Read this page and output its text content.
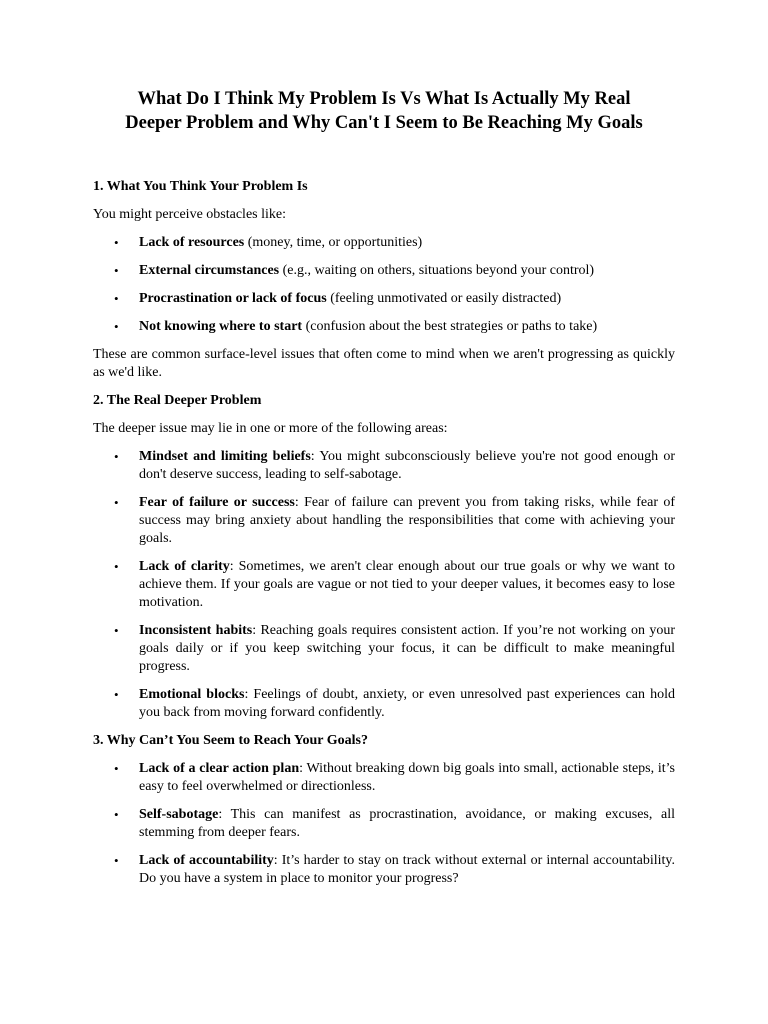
What Do I Think My Problem Is Vs What Is Actually My Real
Deeper Problem and Why Can't I Seem to Be Reaching My Goals

1. What You Think Your Problem Is

You might perceive obstacles like:

• Lack of resources (money, time, or opportunities)
• External circumstances (e.g., waiting on others, situations beyond your control)
• Procrastination or lack of focus (feeling unmotivated or easily distracted)
• Not knowing where to start (confusion about the best strategies or paths to take)

These are common surface-level issues that often come to mind when we aren't progressing as quickly as we'd like.

2. The Real Deeper Problem

The deeper issue may lie in one or more of the following areas:

• Mindset and limiting beliefs: You might subconsciously believe you're not good enough or don't deserve success, leading to self-sabotage.
• Fear of failure or success: Fear of failure can prevent you from taking risks, while fear of success may bring anxiety about handling the responsibilities that come with achieving your goals.
• Lack of clarity: Sometimes, we aren't clear enough about our true goals or why we want to achieve them. If your goals are vague or not tied to your deeper values, it becomes easy to lose motivation.
• Inconsistent habits: Reaching goals requires consistent action. If you’re not working on your goals daily or if you keep switching your focus, it can be difficult to make meaningful progress.
• Emotional blocks: Feelings of doubt, anxiety, or even unresolved past experiences can hold you back from moving forward confidently.

3. Why Can’t You Seem to Reach Your Goals?

• Lack of a clear action plan: Without breaking down big goals into small, actionable steps, it’s easy to feel overwhelmed or directionless.
• Self-sabotage: This can manifest as procrastination, avoidance, or making excuses, all stemming from deeper fears.
• Lack of accountability: It’s harder to stay on track without external or internal accountability. Do you have a system in place to monitor your progress?
